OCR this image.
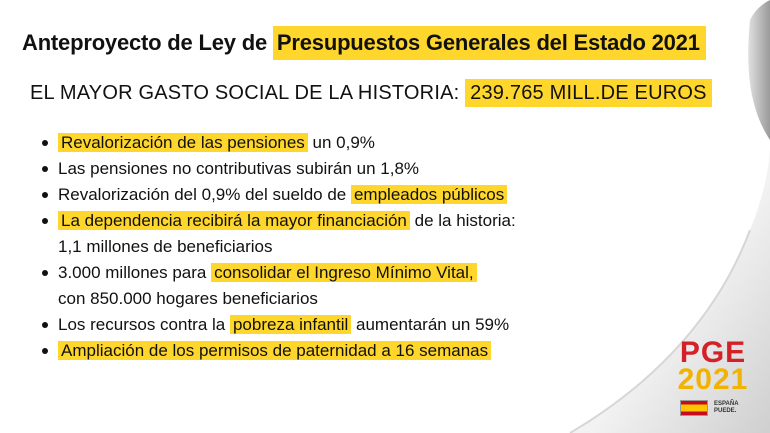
Anteproyecto de Ley de Presupuestos Generales del Estado 2021
EL MAYOR GASTO SOCIAL DE LA HISTORIA: 239.765 MILL.DE EUROS
Revalorización de las pensiones un 0,9%
Las pensiones no contributivas subirán un 1,8%
Revalorización del 0,9% del sueldo de empleados públicos
La dependencia recibirá la mayor financiación de la historia:
1,1 millones de beneficiarios
3.000 millones para consolidar el Ingreso Mínimo Vital,
con 850.000 hogares beneficiarios
Los recursos contra la pobreza infantil aumentarán un 59%
Ampliación de los permisos de paternidad a 16 semanas	PGE
2021
ESPAÑA
PUEDE.
